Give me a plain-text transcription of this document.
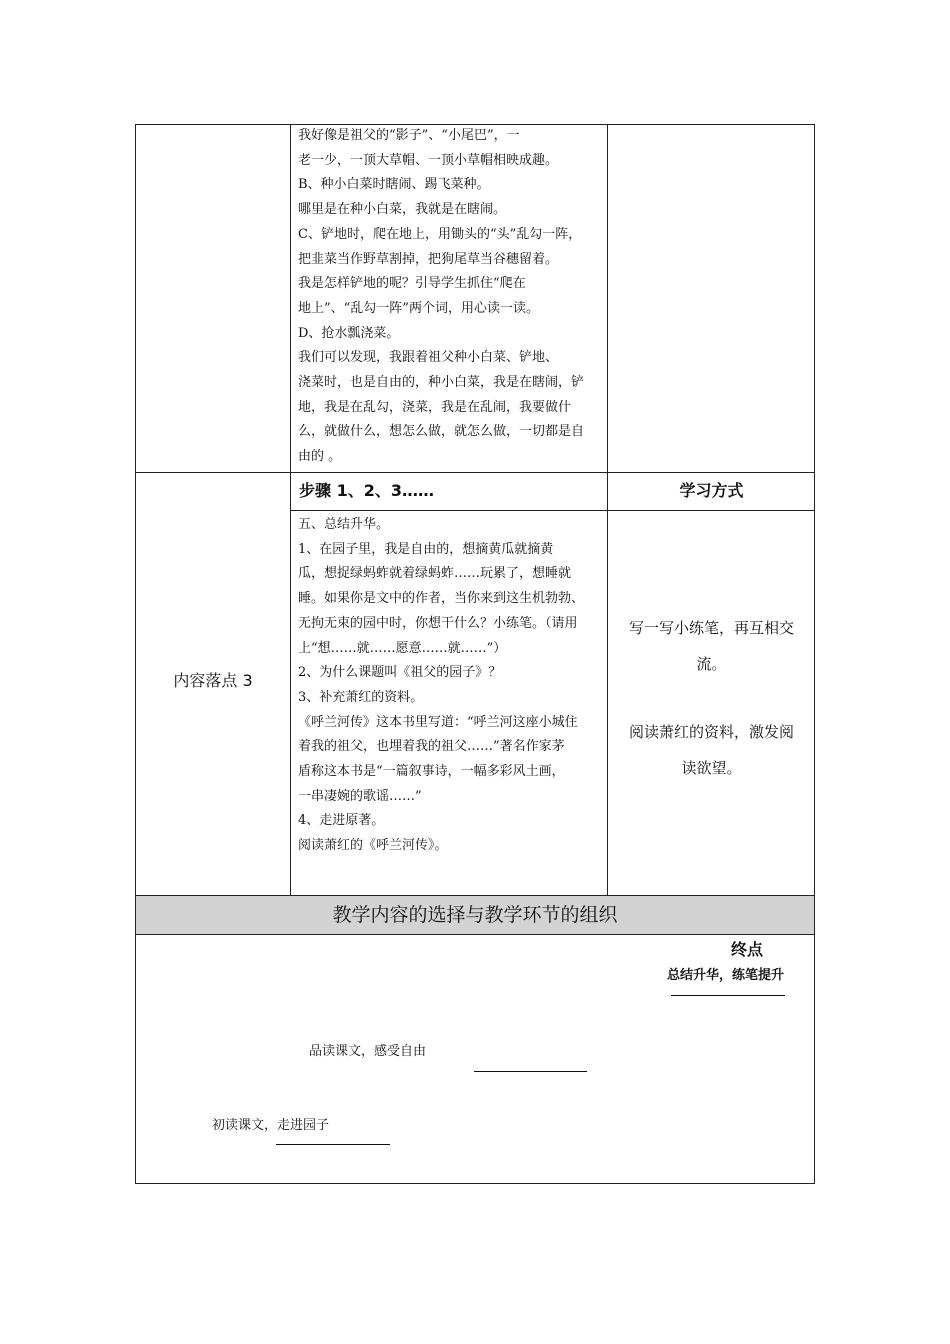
我好像是祖父的“影子”、“小尾巴”，一
老一少，一顶大草帽、一顶小草帽相映成趣。
B、种小白菜时瞎闹、踢飞菜种。
哪里是在种小白菜，我就是在瞎闹。
C、铲地时，爬在地上，用锄头的“头”乱勾一阵，
把韭菜当作野草割掉，把狗尾草当谷穗留着。
我是怎样铲地的呢？引导学生抓住“爬在
地上”、“乱勾一阵”两个词，用心读一读。
D、抢水瓢浇菜。
我们可以发现，我跟着祖父种小白菜、铲地、
浇菜时，也是自由的，种小白菜，我是在瞎闹，铲
地，我是在乱勾，浇菜，我是在乱闹，我要做什
么，就做什么，想怎么做，就怎么做，一切都是自
由的 。
步骤 1、2、3……	学习方式
内容落点 3
五、总结升华。
1、在园子里，我是自由的，想摘黄瓜就摘黄
瓜，想捉绿蚂蚱就着绿蚂蚱……玩累了，想睡就
睡。如果你是文中的作者，当你来到这生机勃勃、
无拘无束的园中时，你想干什么？小练笔。（请用
上“想……就……愿意……就……”）
2、为什么课题叫《祖父的园子》？
3、补充萧红的资料。
《呼兰河传》这本书里写道：“呼兰河这座小城住
着我的祖父，也埋着我的祖父……”著名作家茅
盾称这本书是“一篇叙事诗，一幅多彩风土画，
一串凄婉的歌谣……”
4、走进原著。
阅读萧红的《呼兰河传》。
写一写小练笔，再互相交
流。
阅读萧红的资料，激发阅
读欲望。
教学内容的选择与教学环节的组织
终点
总结升华，练笔提升
品读课文，感受自由
初读课文，走进园子
